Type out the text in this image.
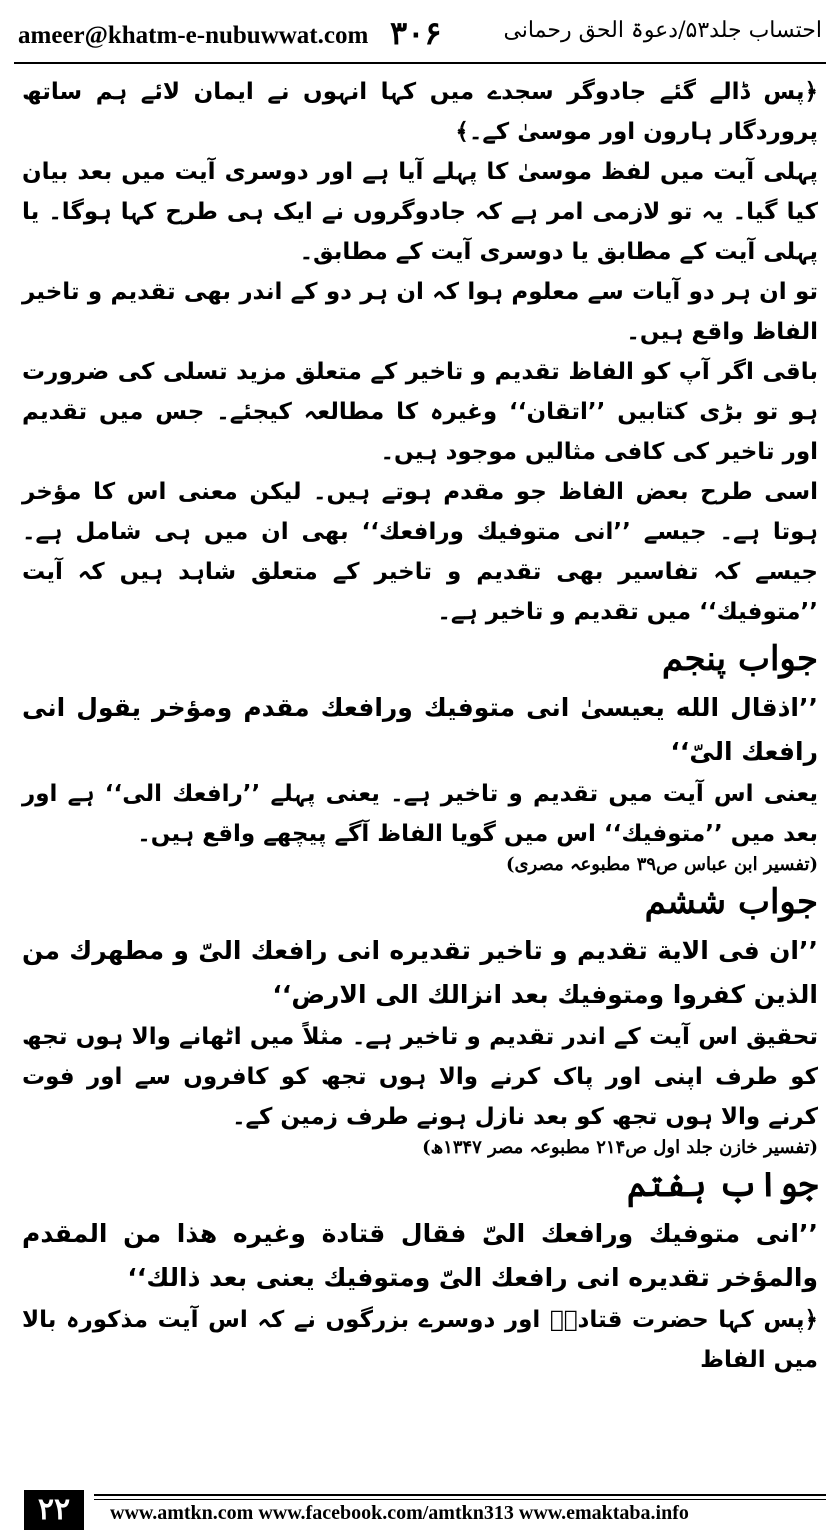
ameer@khatm-e-nubuwwat.com ۳۰۶	احتساب جلد۵۳/دعوۃ الحق رحمانی

﴿پس ڈالے گئے جادوگر سجدے میں کہا انہوں نے ایمان لائے ہم ساتھ پروردگار ہارون اور موسیٰ کے۔﴾

پہلی آیت میں لفظ موسیٰ کا پہلے آیا ہے اور دوسری آیت میں بعد بیان کیا گیا۔ یہ تو لازمی امر ہے کہ جادوگروں نے ایک ہی طرح کہا ہوگا۔ یا پہلی آیت کے مطابق یا دوسری آیت کے مطابق۔

تو ان ہر دو آیات سے معلوم ہوا کہ ان ہر دو کے اندر بھی تقدیم و تاخیر الفاظ واقع ہیں۔

باقی اگر آپ کو الفاظ تقدیم و تاخیر کے متعلق مزید تسلی کی ضرورت ہو تو بڑی کتابیں ’’اتقان‘‘ وغیرہ کا مطالعہ کیجئے۔ جس میں تقدیم اور تاخیر کی کافی مثالیں موجود ہیں۔

اسی طرح بعض الفاظ جو مقدم ہوتے ہیں۔ لیکن معنی اس کا مؤخر ہوتا ہے۔ جیسے ’’انی متوفیك ورافعك‘‘ بھی ان میں ہی شامل ہے۔ جیسے کہ تفاسیر بھی تقدیم و تاخیر کے متعلق شاہد ہیں کہ آیت ’’متوفیك‘‘ میں تقدیم و تاخیر ہے۔

جواب پنجم

’’اذقال الله یعیسیٰ انی متوفیك ورافعك مقدم ومؤخر یقول انی رافعك الیّ‘‘

یعنی اس آیت میں تقدیم و تاخیر ہے۔ یعنی پہلے ’’رافعك الی‘‘ ہے اور بعد میں ’’متوفیك‘‘ اس میں گویا الفاظ آگے پیچھے واقع ہیں۔

(تفسیر ابن عباس ص۳۹ مطبوعہ مصری)

جواب ششم

’’ان فی الایة تقدیم و تاخیر تقدیره انی رافعك الیّ و مطهرك من الذین کفروا ومتوفیك بعد انزالك الی الارض‘‘

تحقیق اس آیت کے اندر تقدیم و تاخیر ہے۔ مثلاً میں اٹھانے والا ہوں تجھ کو طرف اپنی اور پاک کرنے والا ہوں تجھ کو کافروں سے اور فوت کرنے والا ہوں تجھ کو بعد نازل ہونے طرف زمین کے۔

(تفسیر خازن جلد اول ص۲۱۴ مطبوعہ مصر ۱۳۴۷ھ)

جواب ہفتم

’’انی متوفیك ورافعك الیّ فقال قتادة وغیره هذا من المقدم والمؤخر تقدیره انی رافعك الیّ ومتوفیك یعنی بعد ذالك‘‘

﴿پس کہا حضرت قتادہؒ اور دوسرے بزرگوں نے کہ اس آیت مذکورہ بالا میں الفاظ

۲۲	www.amtkn.com www.facebook.com/amtkn313 www.emaktaba.info
